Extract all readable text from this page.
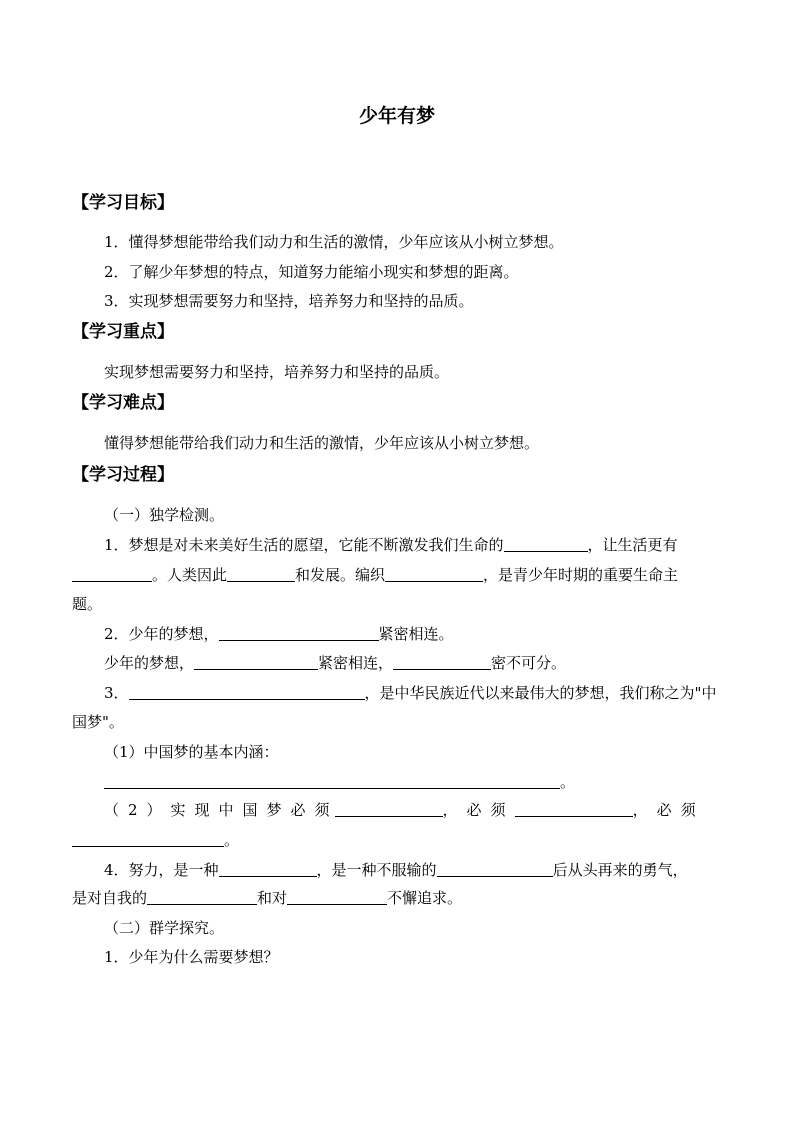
少年有梦
【学习目标】
1．懂得梦想能带给我们动力和生活的激情，少年应该从小树立梦想。
2．了解少年梦想的特点，知道努力能缩小现实和梦想的距离。
3．实现梦想需要努力和坚持，培养努力和坚持的品质。
【学习重点】
实现梦想需要努力和坚持，培养努力和坚持的品质。
【学习难点】
懂得梦想能带给我们动力和生活的激情，少年应该从小树立梦想。
【学习过程】
（一）独学检测。
1．梦想是对未来美好生活的愿望，它能不断激发我们生命的	，让生活更有
。人类因此	和发展。编织	，是青少年时期的重要生命主
题。
2．少年的梦想，	紧密相连。
少年的梦想，	紧密相连，	密不可分。
3．	，是中华民族近代以来最伟大的梦想，我们称之为"中
国梦"。
（1）中国梦的基本内涵：
。
（2）实现中国梦必须	，必须	，必须
。
4．努力，是一种	，是一种不服输的	后从头再来的勇气，
是对自我的	和对	不懈追求。
（二）群学探究。
1．少年为什么需要梦想？
